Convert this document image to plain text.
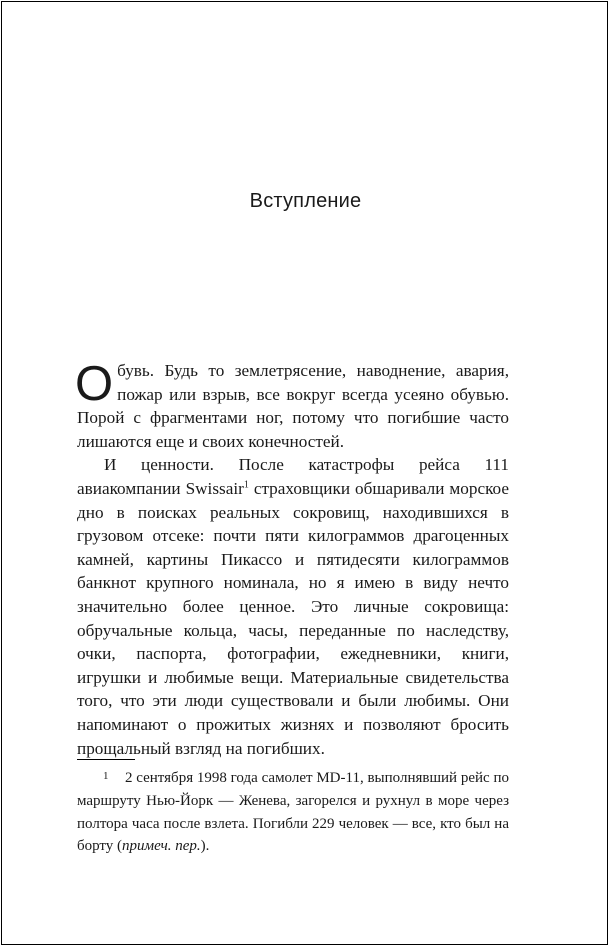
Вступление

Обувь. Будь то землетрясение, наводнение, авария, пожар или взрыв, все вокруг всегда усеяно обувью. Порой с фрагментами ног, потому что погибшие часто лишаются еще и своих конечностей.

И ценности. После катастрофы рейса 111 авиакомпании Swissair$^1$ страховщики обшаривали морское дно в поисках реальных сокровищ, находившихся в грузовом отсеке: почти пяти килограммов драгоценных камней, картины Пикассо и пятидесяти килограммов банкнот крупного номинала, но я имею в виду нечто значительно более ценное. Это личные сокровища: обручальные кольца, часы, переданные по наследству, очки, паспорта, фотографии, ежедневники, книги, игрушки и любимые вещи. Материальные свидетельства того, что эти люди существовали и были любимы. Они напоминают о прожитых жизнях и позволяют бросить прощальный взгляд на погибших.

1 2 сентября 1998 года самолет MD-11, выполнявший рейс по маршруту Нью-Йорк — Женева, загорелся и рухнул в море через полтора часа после взлета. Погибли 229 человек — все, кто был на борту (примеч. пер.).
